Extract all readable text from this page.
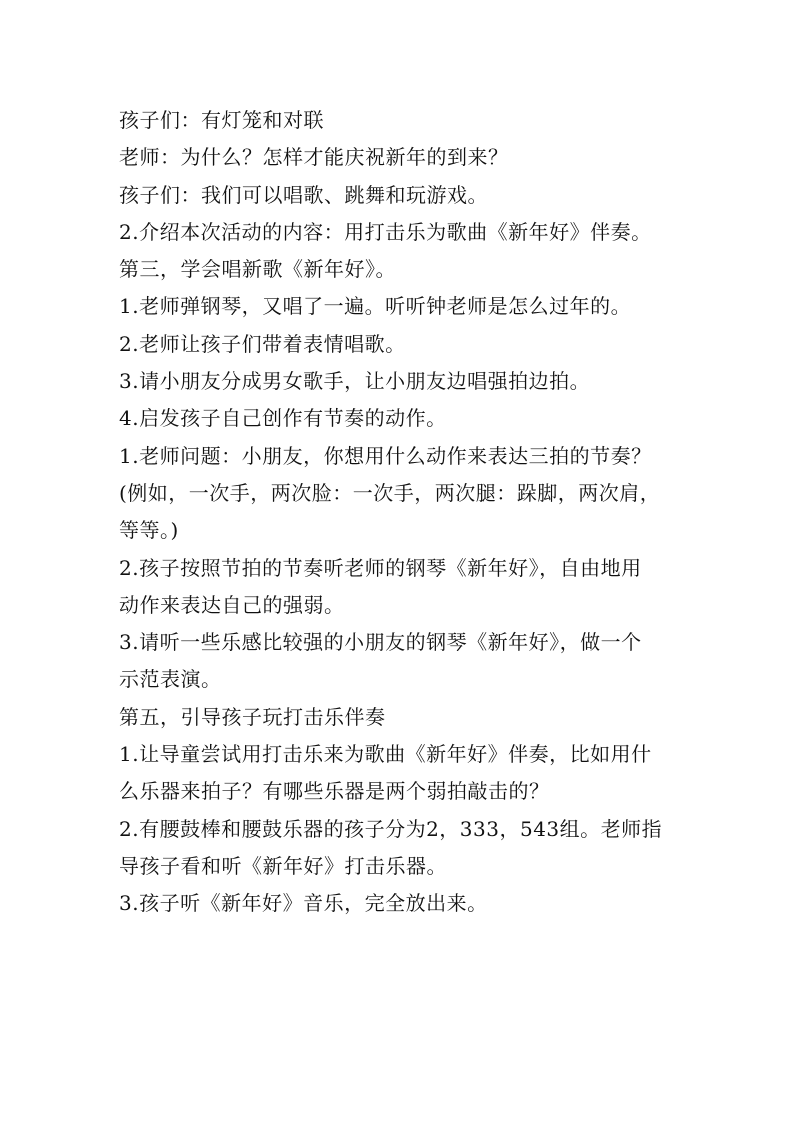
孩子们：有灯笼和对联
老师：为什么？怎样才能庆祝新年的到来？
孩子们：我们可以唱歌、跳舞和玩游戏。
2.介绍本次活动的内容：用打击乐为歌曲《新年好》伴奏。
第三，学会唱新歌《新年好》。
1.老师弹钢琴，又唱了一遍。听听钟老师是怎么过年的。
2.老师让孩子们带着表情唱歌。
3.请小朋友分成男女歌手，让小朋友边唱强拍边拍。
4.启发孩子自己创作有节奏的动作。
1.老师问题：小朋友，你想用什么动作来表达三拍的节奏？
(例如，一次手，两次脸：一次手，两次腿：跺脚，两次肩，
等等。)
2.孩子按照节拍的节奏听老师的钢琴《新年好》，自由地用
动作来表达自己的强弱。
3.请听一些乐感比较强的小朋友的钢琴《新年好》，做一个
示范表演。
第五，引导孩子玩打击乐伴奏
1.让导童尝试用打击乐来为歌曲《新年好》伴奏，比如用什
么乐器来拍子？有哪些乐器是两个弱拍敲击的？
2.有腰鼓棒和腰鼓乐器的孩子分为2，333，543组。老师指
导孩子看和听《新年好》打击乐器。
3.孩子听《新年好》音乐，完全放出来。
